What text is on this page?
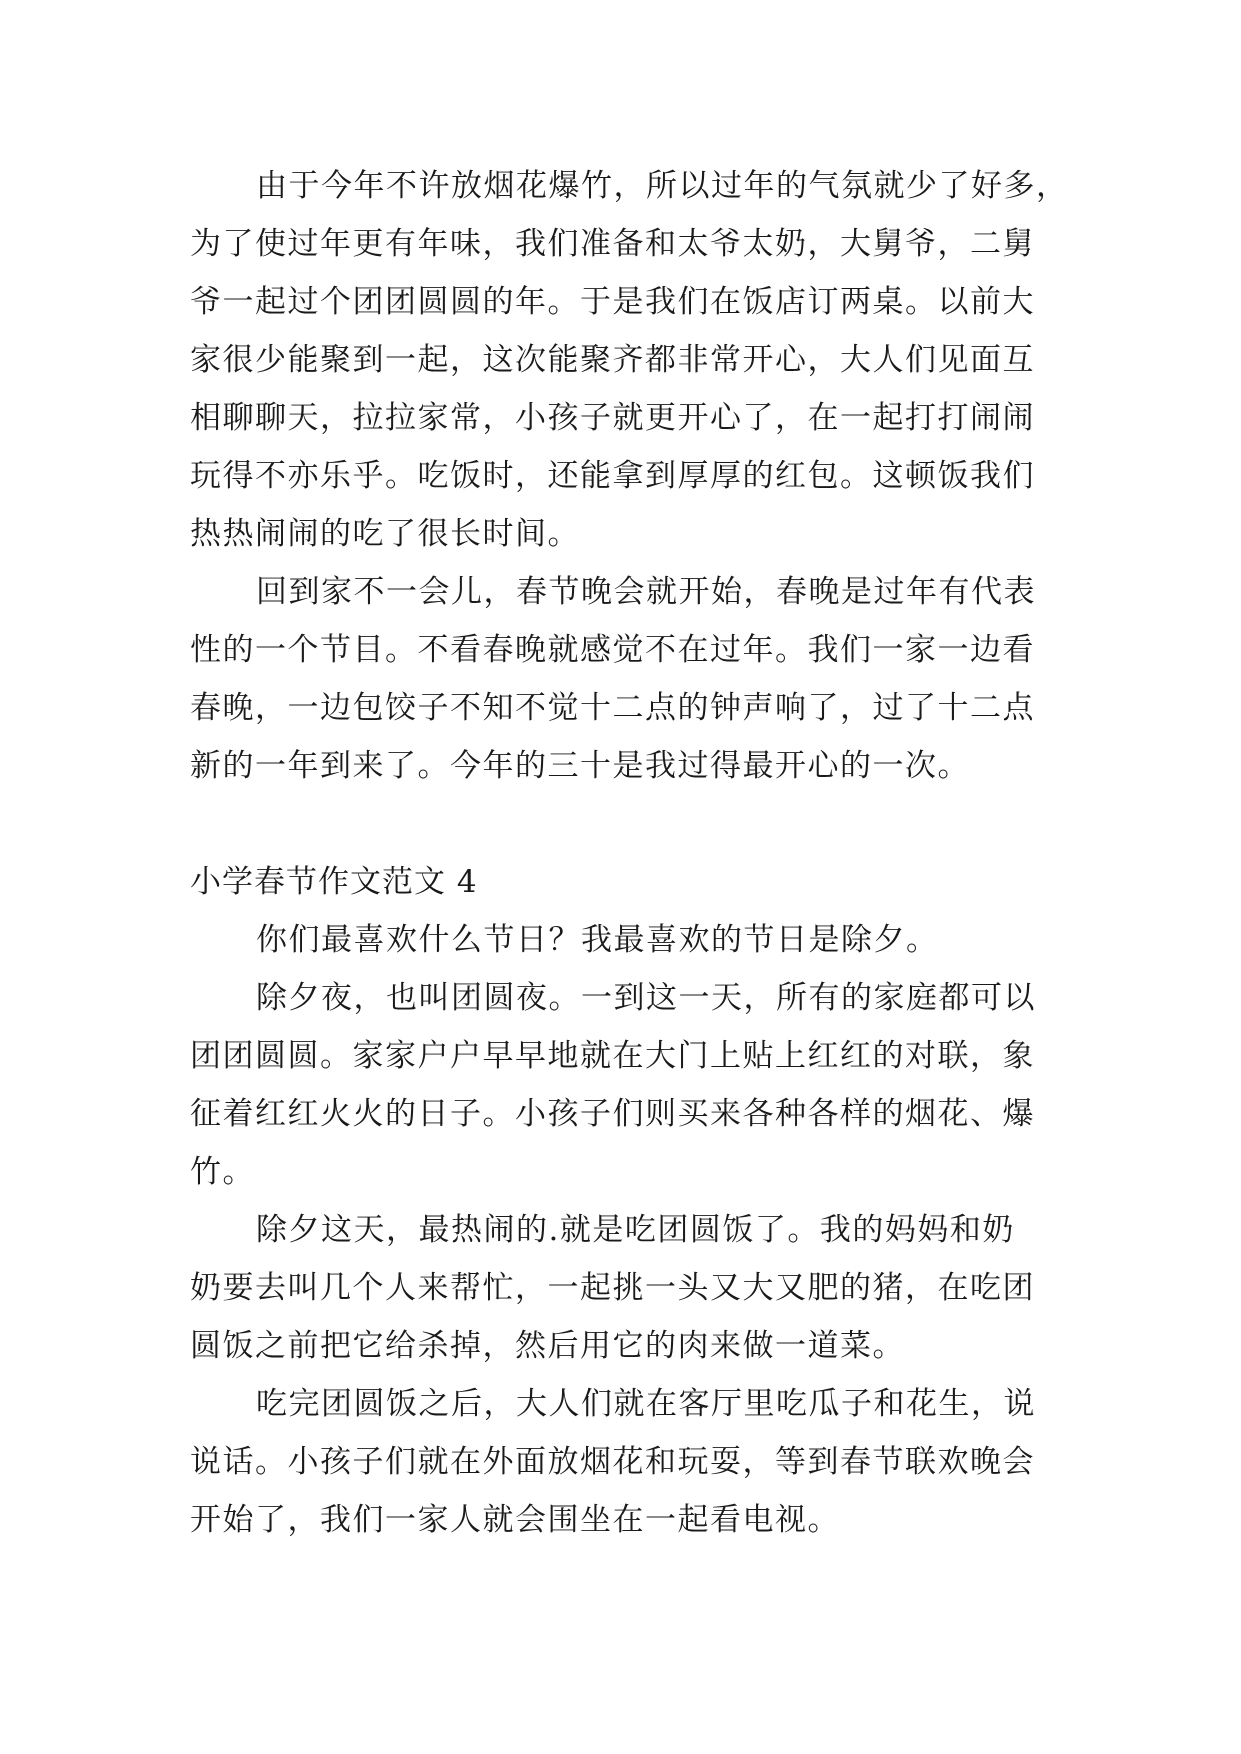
由于今年不许放烟花爆竹，所以过年的气氛就少了好多，
为了使过年更有年味，我们准备和太爷太奶，大舅爷，二舅
爷一起过个团团圆圆的年。于是我们在饭店订两桌。以前大
家很少能聚到一起，这次能聚齐都非常开心，大人们见面互
相聊聊天，拉拉家常，小孩子就更开心了，在一起打打闹闹
玩得不亦乐乎。吃饭时，还能拿到厚厚的红包。这顿饭我们
热热闹闹的吃了很长时间。
回到家不一会儿，春节晚会就开始，春晚是过年有代表
性的一个节目。不看春晚就感觉不在过年。我们一家一边看
春晚，一边包饺子不知不觉十二点的钟声响了，过了十二点
新的一年到来了。今年的三十是我过得最开心的一次。
小学春节作文范文 4
你们最喜欢什么节日？我最喜欢的节日是除夕。
除夕夜，也叫团圆夜。一到这一天，所有的家庭都可以
团团圆圆。家家户户早早地就在大门上贴上红红的对联，象
征着红红火火的日子。小孩子们则买来各种各样的烟花、爆
竹。
除夕这天，最热闹的.就是吃团圆饭了。我的妈妈和奶
奶要去叫几个人来帮忙，一起挑一头又大又肥的猪，在吃团
圆饭之前把它给杀掉，然后用它的肉来做一道菜。
吃完团圆饭之后，大人们就在客厅里吃瓜子和花生，说
说话。小孩子们就在外面放烟花和玩耍，等到春节联欢晚会
开始了，我们一家人就会围坐在一起看电视。
